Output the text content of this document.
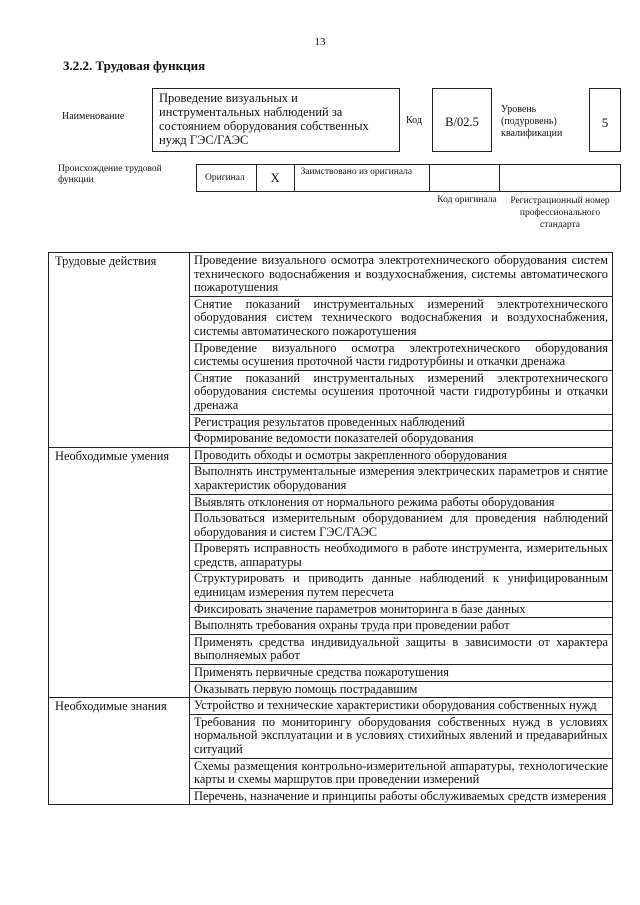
13
3.2.2. Трудовая функция
Наименование
Проведение визуальных и инструментальных наблюдений за состоянием оборудования собственных нужд ГЭС/ГАЭС
Код	B/02.5
Уровень (подуровень) квалификации
5
Происхождение трудовой функции	Оригинал	X	Заимствовано из оригинала
Код оригинала	Регистрационный номер профессионального стандарта
Трудовые действия	Проведение визуального осмотра электротехнического оборудования систем технического водоснабжения и воздухоснабжения, системы автоматического пожаротушения
	Снятие показаний инструментальных измерений электротехнического оборудования систем технического водоснабжения и воздухоснабжения, системы автоматического пожаротушения
	Проведение визуального осмотра электротехнического оборудования системы осушения проточной части гидротурбины и откачки дренажа
	Снятие показаний инструментальных измерений электротехнического оборудования системы осушения проточной части гидротурбины и откачки дренажа
	Регистрация результатов проведенных наблюдений
	Формирование ведомости показателей оборудования
Необходимые умения	Проводить обходы и осмотры закрепленного оборудования
	Выполнять инструментальные измерения электрических параметров и снятие характеристик оборудования
	Выявлять отклонения от нормального режима работы оборудования
	Пользоваться измерительным оборудованием для проведения наблюдений оборудования и систем ГЭС/ГАЭС
	Проверять исправность необходимого в работе инструмента, измерительных средств, аппаратуры
	Структурировать и приводить данные наблюдений к унифицированным единицам измерения путем пересчета
	Фиксировать значение параметров мониторинга в базе данных
	Выполнять требования охраны труда при проведении работ
	Применять средства индивидуальной защиты в зависимости от характера выполняемых работ
	Применять первичные средства пожаротушения
	Оказывать первую помощь пострадавшим
Необходимые знания	Устройство и технические характеристики оборудования собственных нужд
	Требования по мониторингу оборудования собственных нужд в условиях нормальной эксплуатации и в условиях стихийных явлений и предаварийных ситуаций
	Схемы размещения контрольно-измерительной аппаратуры, технологические карты и схемы маршрутов при проведении измерений
	Перечень, назначение и принципы работы обслуживаемых средств измерения
